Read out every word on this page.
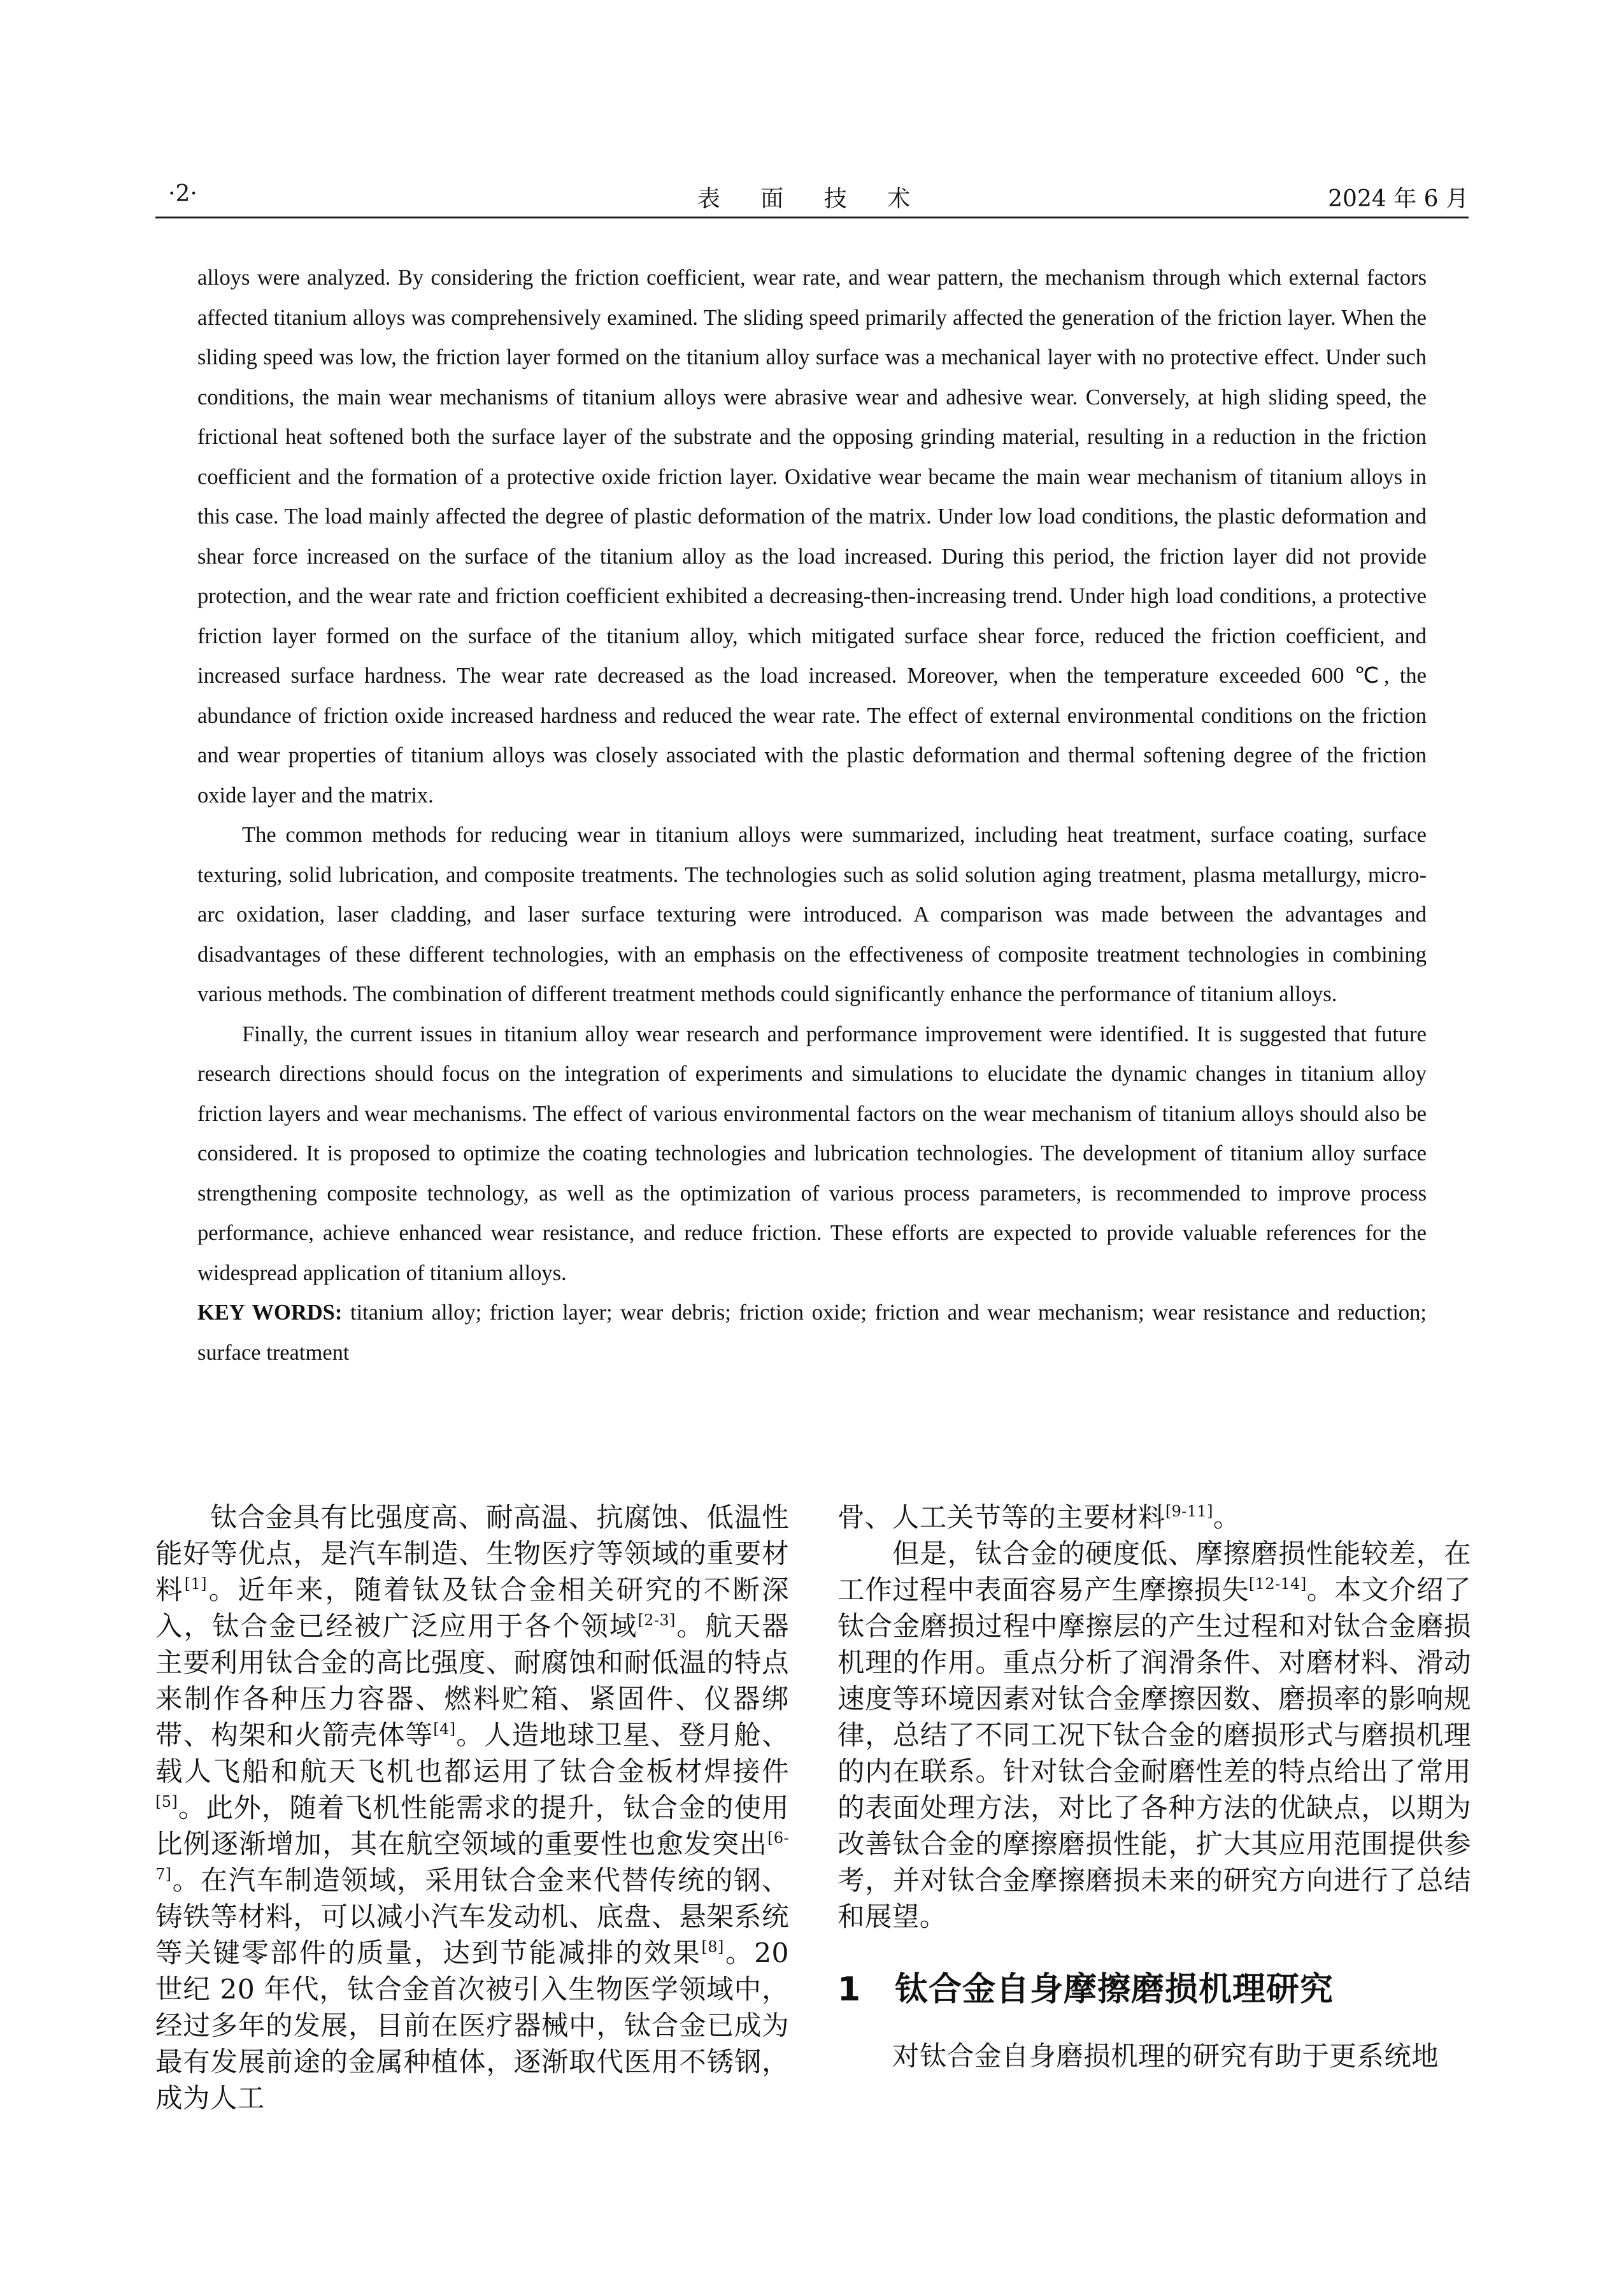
·2·	表 面 技 术	2024 年 6 月

alloys were analyzed. By considering the friction coefficient, wear rate, and wear pattern, the mechanism through which external factors affected titanium alloys was comprehensively examined. The sliding speed primarily affected the generation of the friction layer. When the sliding speed was low, the friction layer formed on the titanium alloy surface was a mechanical layer with no protective effect. Under such conditions, the main wear mechanisms of titanium alloys were abrasive wear and adhesive wear. Conversely, at high sliding speed, the frictional heat softened both the surface layer of the substrate and the opposing grinding material, resulting in a reduction in the friction coefficient and the formation of a protective oxide friction layer. Oxidative wear became the main wear mechanism of titanium alloys in this case. The load mainly affected the degree of plastic deformation of the matrix. Under low load conditions, the plastic deformation and shear force increased on the surface of the titanium alloy as the load increased. During this period, the friction layer did not provide protection, and the wear rate and friction coefficient exhibited a decreasing-then-increasing trend. Under high load conditions, a protective friction layer formed on the surface of the titanium alloy, which mitigated surface shear force, reduced the friction coefficient, and increased surface hardness. The wear rate decreased as the load increased. Moreover, when the temperature exceeded 600 ℃, the abundance of friction oxide increased hardness and reduced the wear rate. The effect of external environmental conditions on the friction and wear properties of titanium alloys was closely associated with the plastic deformation and thermal softening degree of the friction oxide layer and the matrix.

The common methods for reducing wear in titanium alloys were summarized, including heat treatment, surface coating, surface texturing, solid lubrication, and composite treatments. The technologies such as solid solution aging treatment, plasma metallurgy, micro-arc oxidation, laser cladding, and laser surface texturing were introduced. A comparison was made between the advantages and disadvantages of these different technologies, with an emphasis on the effectiveness of composite treatment technologies in combining various methods. The combination of different treatment methods could significantly enhance the performance of titanium alloys.

Finally, the current issues in titanium alloy wear research and performance improvement were identified. It is suggested that future research directions should focus on the integration of experiments and simulations to elucidate the dynamic changes in titanium alloy friction layers and wear mechanisms. The effect of various environmental factors on the wear mechanism of titanium alloys should also be considered. It is proposed to optimize the coating technologies and lubrication technologies. The development of titanium alloy surface strengthening composite technology, as well as the optimization of various process parameters, is recommended to improve process performance, achieve enhanced wear resistance, and reduce friction. These efforts are expected to provide valuable references for the widespread application of titanium alloys.

KEY WORDS: titanium alloy; friction layer; wear debris; friction oxide; friction and wear mechanism; wear resistance and reduction; surface treatment

钛合金具有比强度高、耐高温、抗腐蚀、低温性能好等优点，是汽车制造、生物医疗等领域的重要材料[1]。近年来，随着钛及钛合金相关研究的不断深入，钛合金已经被广泛应用于各个领域[2-3]。航天器主要利用钛合金的高比强度、耐腐蚀和耐低温的特点来制作各种压力容器、燃料贮箱、紧固件、仪器绑带、构架和火箭壳体等[4]。人造地球卫星、登月舱、载人飞船和航天飞机也都运用了钛合金板材焊接件[5]。此外，随着飞机性能需求的提升，钛合金的使用比例逐渐增加，其在航空领域的重要性也愈发突出[6-7]。在汽车制造领域，采用钛合金来代替传统的钢、铸铁等材料，可以减小汽车发动机、底盘、悬架系统等关键零部件的质量，达到节能减排的效果[8]。20 世纪 20 年代，钛合金首次被引入生物医学领域中，经过多年的发展，目前在医疗器械中，钛合金已成为最有发展前途的金属种植体，逐渐取代医用不锈钢，成为人工

骨、人工关节等的主要材料[9-11]。

但是，钛合金的硬度低、摩擦磨损性能较差，在工作过程中表面容易产生摩擦损失[12-14]。本文介绍了钛合金磨损过程中摩擦层的产生过程和对钛合金磨损机理的作用。重点分析了润滑条件、对磨材料、滑动速度等环境因素对钛合金摩擦因数、磨损率的影响规律，总结了不同工况下钛合金的磨损形式与磨损机理的内在联系。针对钛合金耐磨性差的特点给出了常用的表面处理方法，对比了各种方法的优缺点，以期为改善钛合金的摩擦磨损性能，扩大其应用范围提供参考，并对钛合金摩擦磨损未来的研究方向进行了总结和展望。

1 钛合金自身摩擦磨损机理研究

对钛合金自身磨损机理的研究有助于更系统地
